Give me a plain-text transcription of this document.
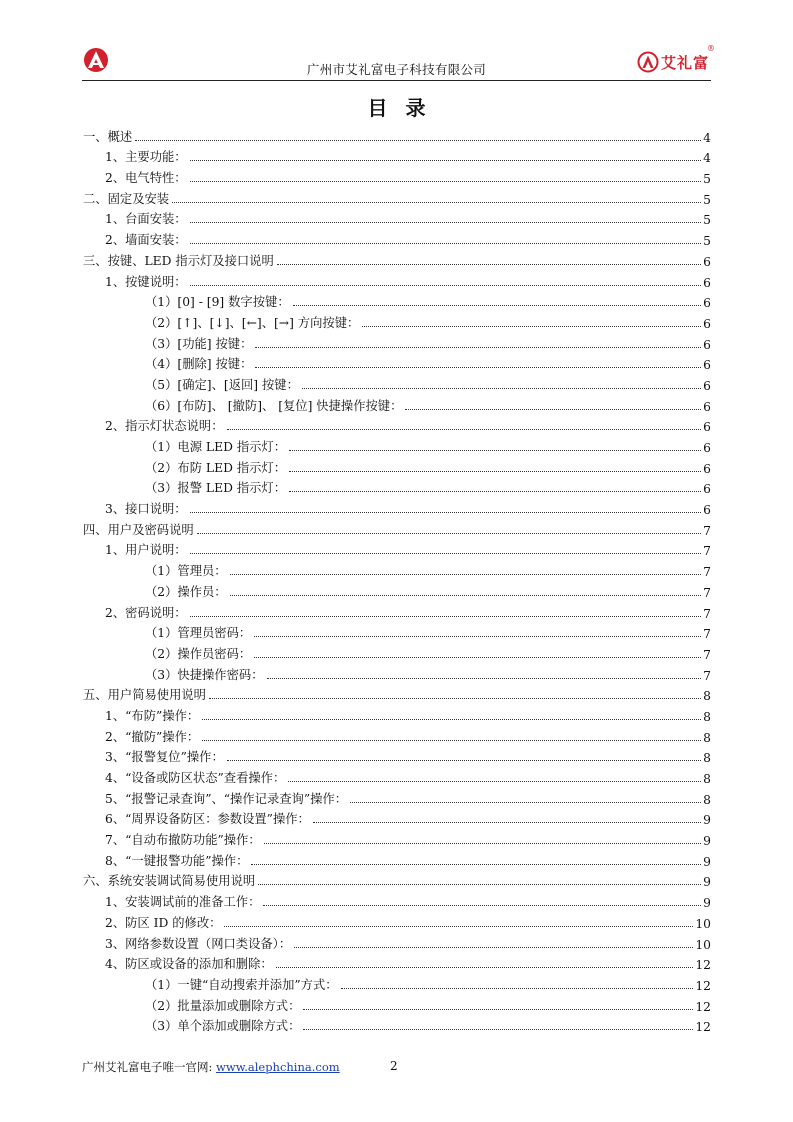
广州市艾礼富电子科技有限公司	艾礼富
®
目录
一、概述	4
1、主要功能：	4
2、电气特性：	5
二、固定及安装	5
1、台面安装：	5
2、墙面安装：	5
三、按键、LED 指示灯及接口说明	6
1、按键说明：	6
（1）[0] - [9] 数字按键：	6
（2）[↑]、[↓]、[←]、[→] 方向按键：	6
（3）[功能] 按键：	6
（4）[删除] 按键：	6
（5）[确定]、[返回] 按键：	6
（6）[布防]、 [撤防]、 [复位] 快捷操作按键：	6
2、指示灯状态说明：	6
（1）电源 LED 指示灯：	6
（2）布防 LED 指示灯：	6
（3）报警 LED 指示灯：	6
3、接口说明：	6
四、用户及密码说明	7
1、用户说明：	7
（1）管理员：	7
（2）操作员：	7
2、密码说明：	7
（1）管理员密码：	7
（2）操作员密码：	7
（3）快捷操作密码：	7
五、用户简易使用说明	8
1、“布防”操作：	8
2、“撤防”操作：	8
3、“报警复位”操作：	8
4、“设备或防区状态”查看操作：	8
5、“报警记录查询”、“操作记录查询”操作：	8
6、“周界设备防区：参数设置”操作：	9
7、“自动布撤防功能”操作：	9
8、“一键报警功能”操作：	9
六、系统安装调试简易使用说明	9
1、安装调试前的准备工作：	9
2、防区 ID 的修改：	10
3、网络参数设置（网口类设备）：	10
4、防区或设备的添加和删除：	12
（1）一键“自动搜索并添加”方式：	12
（2）批量添加或删除方式：	12
（3）单个添加或删除方式：	12
广州艾礼富电子唯一官网: www.alephchina.com	2
